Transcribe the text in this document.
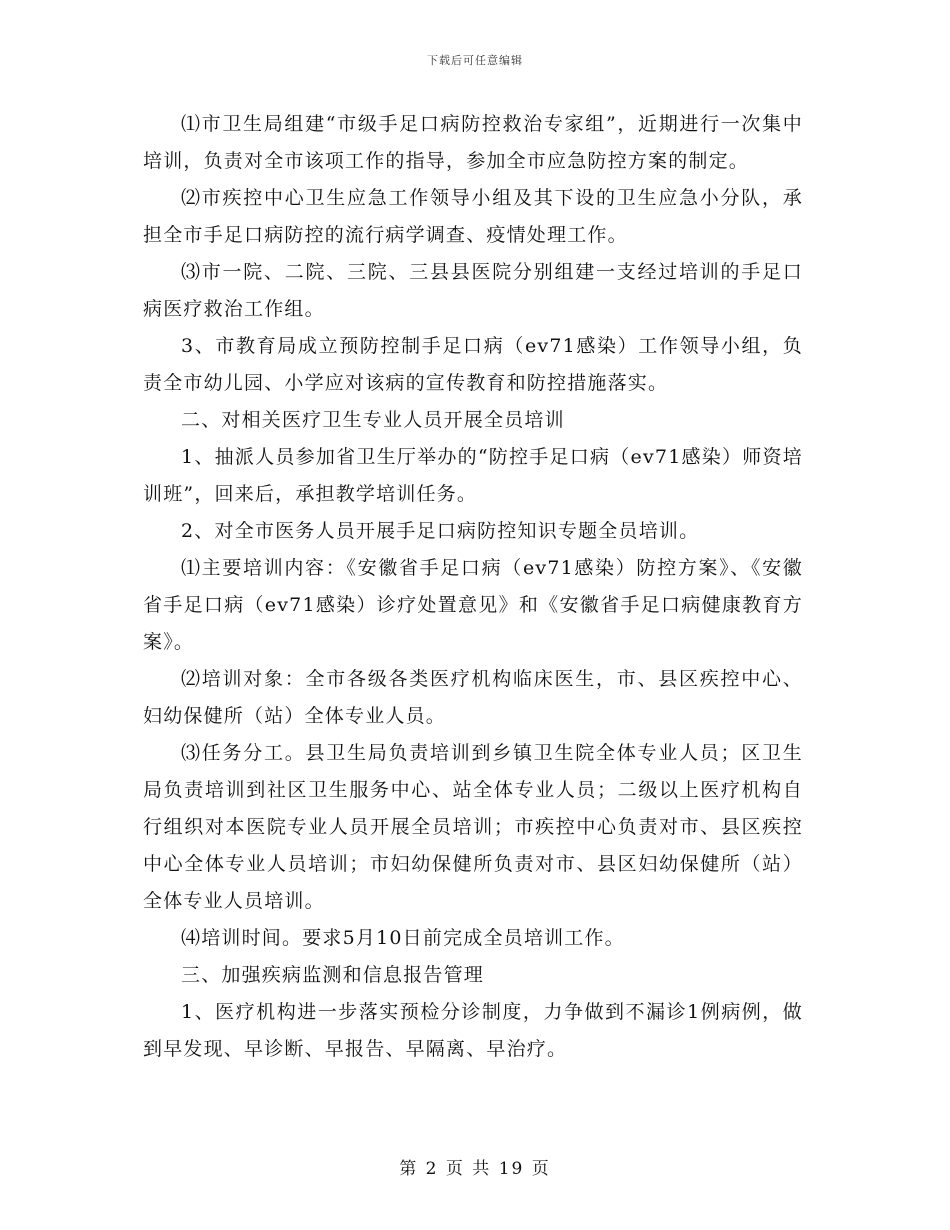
下载后可任意编辑

⑴市卫生局组建“市级手足口病防控救治专家组”，近期进行一次集中培训，负责对全市该项工作的指导，参加全市应急防控方案的制定。

⑵市疾控中心卫生应急工作领导小组及其下设的卫生应急小分队，承担全市手足口病防控的流行病学调查、疫情处理工作。

⑶市一院、二院、三院、三县县医院分别组建一支经过培训的手足口病医疗救治工作组。

3、市教育局成立预防控制手足口病（ev71感染）工作领导小组，负责全市幼儿园、小学应对该病的宣传教育和防控措施落实。

二、对相关医疗卫生专业人员开展全员培训

1、抽派人员参加省卫生厅举办的“防控手足口病（ev71感染）师资培训班”，回来后，承担教学培训任务。

2、对全市医务人员开展手足口病防控知识专题全员培训。

⑴主要培训内容：《安徽省手足口病（ev71感染）防控方案》、《安徽省手足口病（ev71感染）诊疗处置意见》和《安徽省手足口病健康教育方案》。

⑵培训对象：全市各级各类医疗机构临床医生，市、县区疾控中心、妇幼保健所（站）全体专业人员。

⑶任务分工。县卫生局负责培训到乡镇卫生院全体专业人员；区卫生局负责培训到社区卫生服务中心、站全体专业人员；二级以上医疗机构自行组织对本医院专业人员开展全员培训；市疾控中心负责对市、县区疾控中心全体专业人员培训；市妇幼保健所负责对市、县区妇幼保健所（站）全体专业人员培训。

⑷培训时间。要求5月10日前完成全员培训工作。

三、加强疾病监测和信息报告管理

1、医疗机构进一步落实预检分诊制度，力争做到不漏诊1例病例，做到早发现、早诊断、早报告、早隔离、早治疗。

第 2 页 共 19 页
